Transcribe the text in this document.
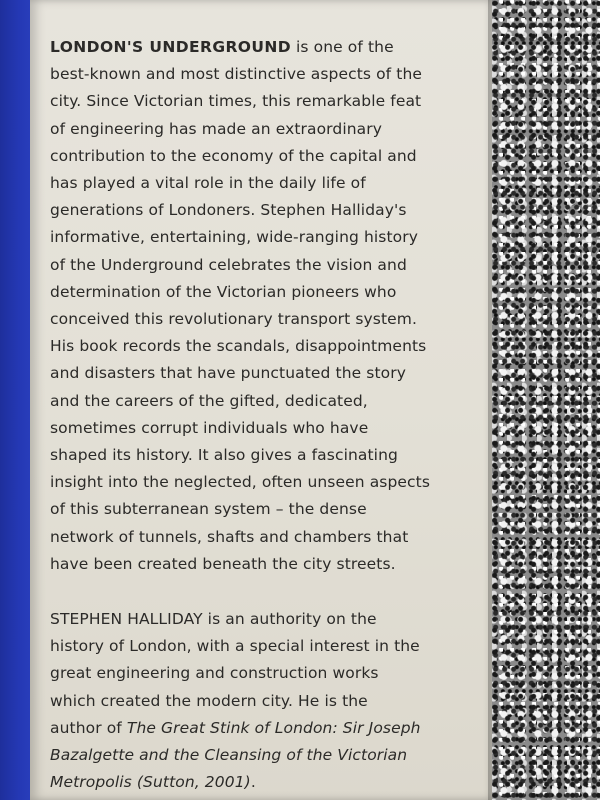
LONDON'S UNDERGROUND is one of the
best-known and most distinctive aspects of the
city. Since Victorian times, this remarkable feat
of engineering has made an extraordinary
contribution to the economy of the capital and
has played a vital role in the daily life of
generations of Londoners. Stephen Halliday's
informative, entertaining, wide-ranging history
of the Underground celebrates the vision and
determination of the Victorian pioneers who
conceived this revolutionary transport system.
His book records the scandals, disappointments
and disasters that have punctuated the story
and the careers of the gifted, dedicated,
sometimes corrupt individuals who have
shaped its history. It also gives a fascinating
insight into the neglected, often unseen aspects
of this subterranean system – the dense
network of tunnels, shafts and chambers that
have been created beneath the city streets.
STEPHEN HALLIDAY is an authority on the
history of London, with a special interest in the
great engineering and construction works
which created the modern city. He is the
author of The Great Stink of London: Sir Joseph
Bazalgette and the Cleansing of the Victorian
Metropolis (Sutton, 2001).
